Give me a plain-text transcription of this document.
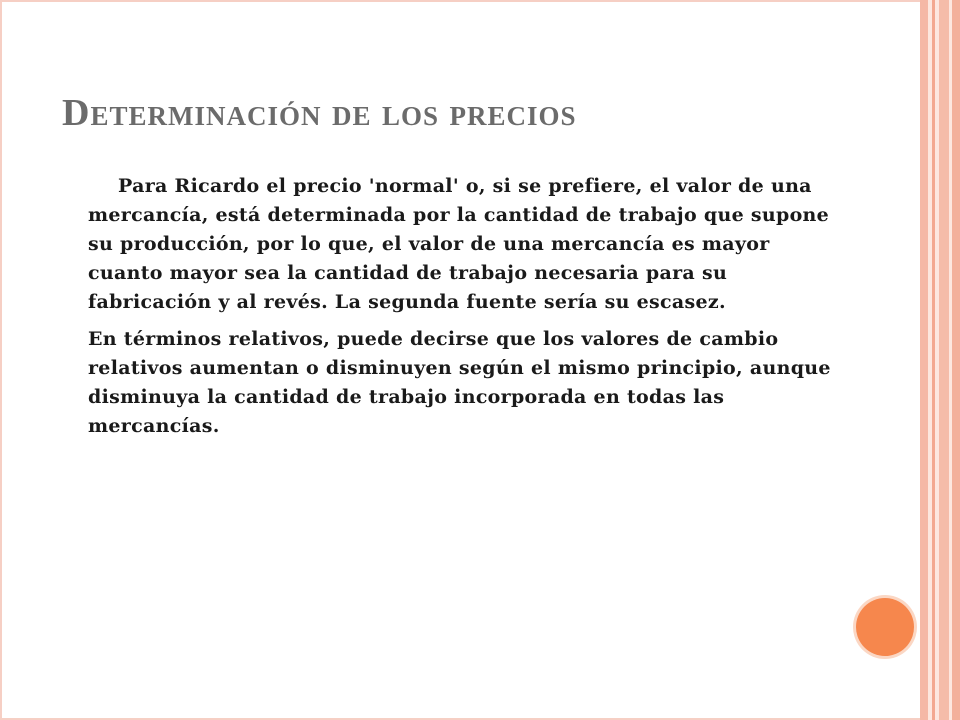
Determinación de los precios

Para Ricardo el precio 'normal' o, si se prefiere, el valor de una mercancía, está determinada por la cantidad de trabajo que supone su producción, por lo que, el valor de una mercancía es mayor cuanto mayor sea la cantidad de trabajo necesaria para su fabricación y al revés. La segunda fuente sería su escasez.

En términos relativos, puede decirse que los valores de cambio relativos aumentan o disminuyen según el mismo principio, aunque disminuya la cantidad de trabajo incorporada en todas las mercancías.
